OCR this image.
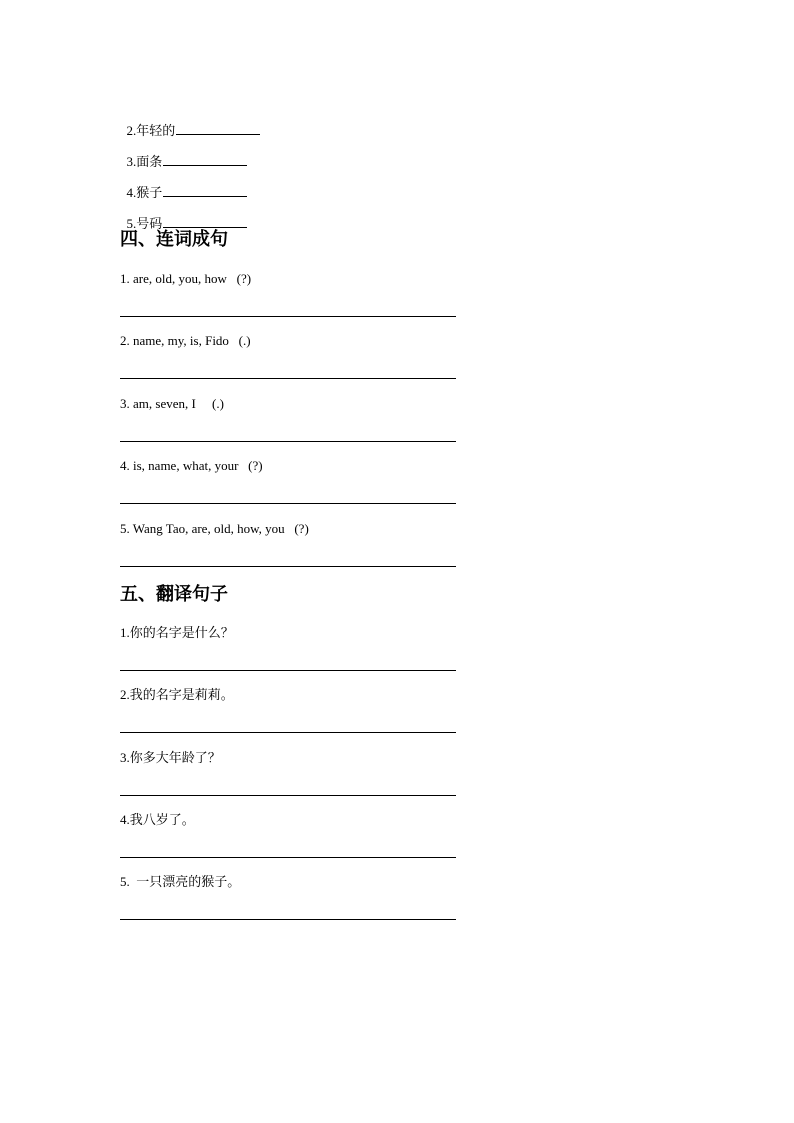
2.年轻的

3.面条

4.猴子

5.号码

四、连词成句
1. are, old, you, how   (?)
2. name, my, is, Fido   (.)
3. am, seven, I     (.)
4. is, name, what, your   (?)
5. Wang Tao, are, old, how, you   (?)
五、翻译句子
1.你的名字是什么？
2.我的名字是莉莉。
3.你多大年龄了？
4.我八岁了。
5.  一只漂亮的猴子。
